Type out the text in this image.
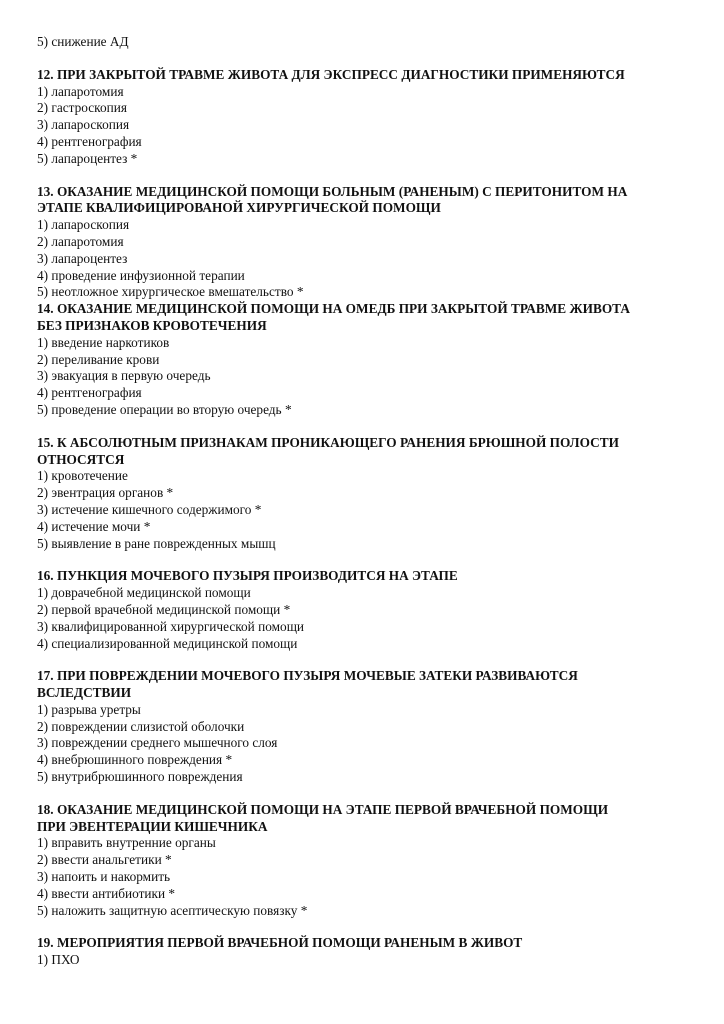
5) снижение АД
12. ПРИ ЗАКРЫТОЙ ТРАВМЕ ЖИВОТА ДЛЯ ЭКСПРЕСС ДИАГНОСТИКИ ПРИМЕНЯЮТСЯ
1) лапаротомия
2) гастроскопия
3) лапароскопия
4) рентгенография
5) лапароцентез *
13. ОКАЗАНИЕ МЕДИЦИНСКОЙ ПОМОЩИ БОЛЬНЫМ (РАНЕНЫМ) С ПЕРИТОНИТОМ НА
ЭТАПЕ КВАЛИФИЦИРОВАНОЙ ХИРУРГИЧЕСКОЙ ПОМОЩИ
1) лапароскопия
2) лапаротомия
3) лапароцентез
4) проведение инфузионной терапии
5) неотложное хирургическое вмешательство *
14. ОКАЗАНИЕ МЕДИЦИНСКОЙ ПОМОЩИ НА ОМЕДБ ПРИ ЗАКРЫТОЙ ТРАВМЕ ЖИВОТА
БЕЗ ПРИЗНАКОВ КРОВОТЕЧЕНИЯ
1) введение наркотиков
2) переливание крови
3) эвакуация в первую очередь
4) рентгенография
5) проведение операции во вторую очередь *
15. К АБСОЛЮТНЫМ ПРИЗНАКАМ ПРОНИКАЮЩЕГО РАНЕНИЯ БРЮШНОЙ ПОЛОСТИ
ОТНОСЯТСЯ
1) кровотечение
2) эвентрация органов *
3) истечение кишечного содержимого *
4) истечение мочи *
5) выявление в ране поврежденных мышц
16. ПУНКЦИЯ МОЧЕВОГО ПУЗЫРЯ ПРОИЗВОДИТСЯ НА ЭТАПЕ
1) доврачебной медицинской помощи
2) первой врачебной медицинской помощи *
3) квалифицированной хирургической помощи
4) специализированной медицинской помощи
17. ПРИ ПОВРЕЖДЕНИИ МОЧЕВОГО ПУЗЫРЯ МОЧЕВЫЕ ЗАТЕКИ РАЗВИВАЮТСЯ
ВСЛЕДСТВИИ
1) разрыва уретры
2) повреждении слизистой оболочки
3) повреждении среднего мышечного слоя
4) внебрюшинного повреждения *
5) внутрибрюшинного повреждения
18. ОКАЗАНИЕ МЕДИЦИНСКОЙ ПОМОЩИ НА ЭТАПЕ ПЕРВОЙ ВРАЧЕБНОЙ ПОМОЩИ
ПРИ ЭВЕНТЕРАЦИИ КИШЕЧНИКА
1) вправить внутренние органы
2) ввести анальгетики *
3) напоить и накормить
4) ввести антибиотики *
5) наложить защитную асептическую повязку *
19. МЕРОПРИЯТИЯ ПЕРВОЙ ВРАЧЕБНОЙ ПОМОЩИ РАНЕНЫМ В ЖИВОТ
1) ПХО
